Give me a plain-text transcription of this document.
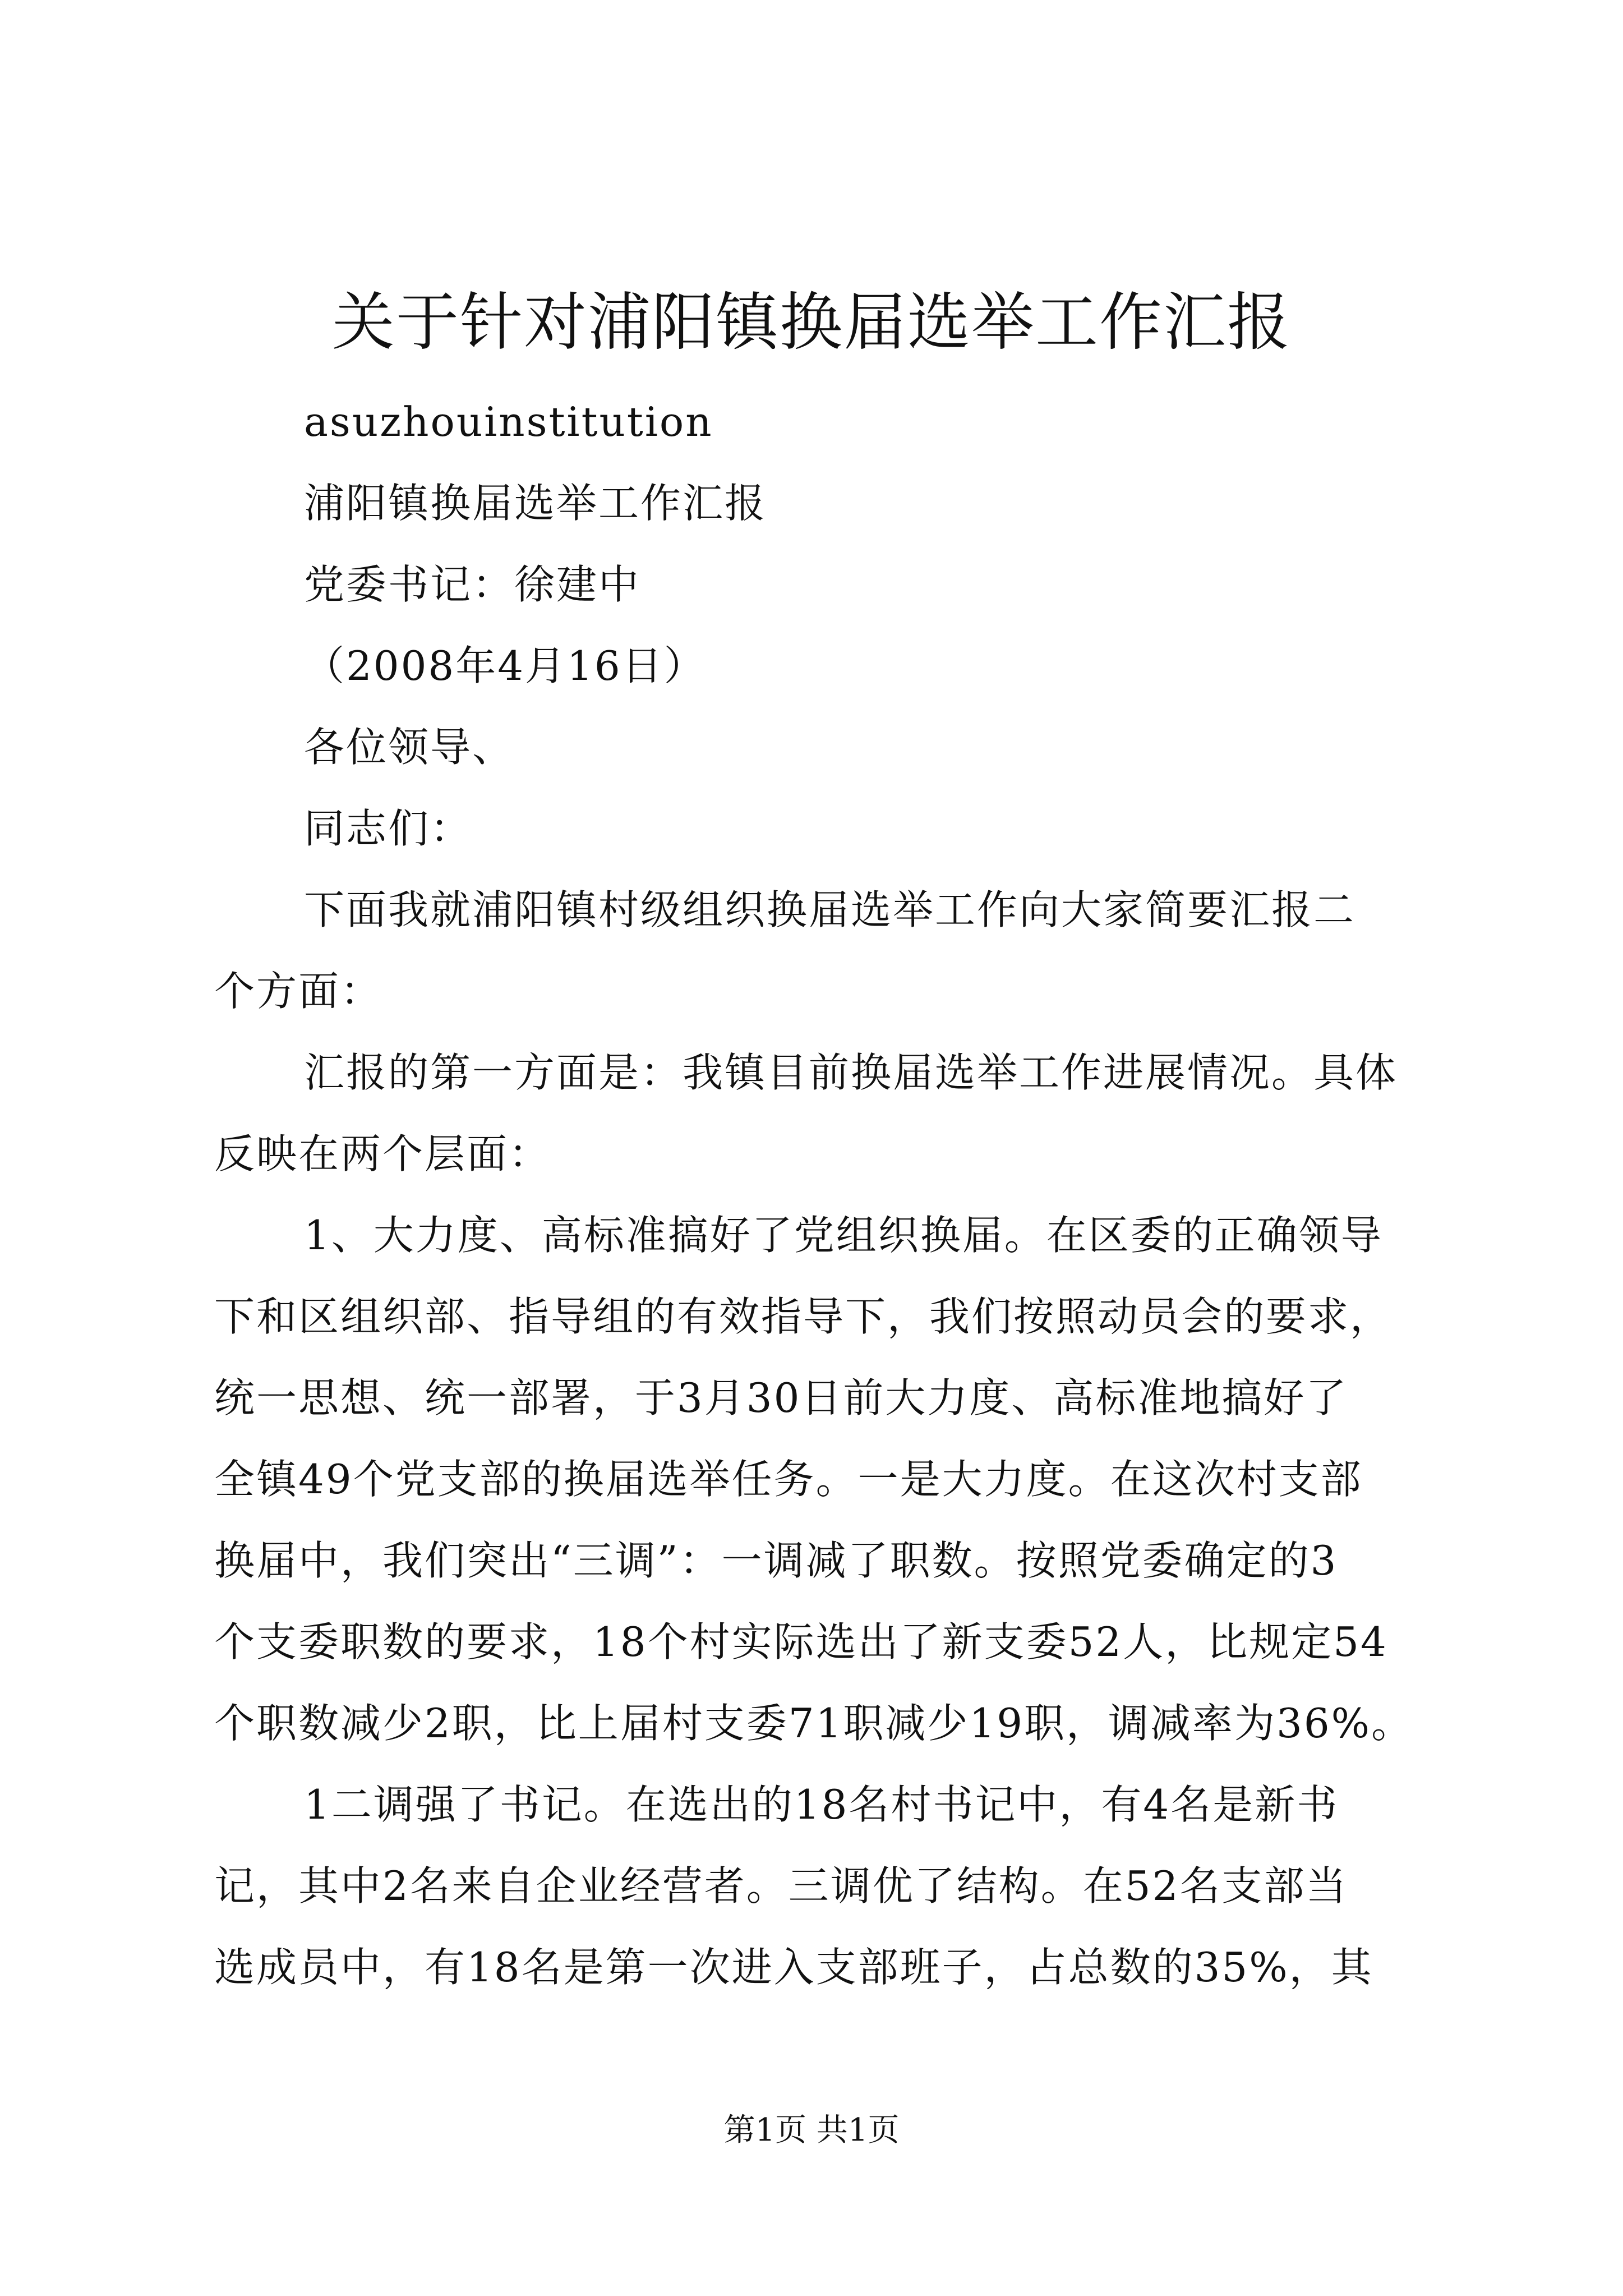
关于针对浦阳镇换届选举工作汇报

asuzhouinstitution

浦阳镇换届选举工作汇报

党委书记：徐建中

（2008年4月16日）

各位领导、

同志们：

下面我就浦阳镇村级组织换届选举工作向大家简要汇报二

个方面：

汇报的第一方面是：我镇目前换届选举工作进展情况。具体

反映在两个层面：

1、大力度、高标准搞好了党组织换届。在区委的正确领导

下和区组织部、指导组的有效指导下，我们按照动员会的要求，

统一思想、统一部署，于3月30日前大力度、高标准地搞好了

全镇49个党支部的换届选举任务。一是大力度。在这次村支部

换届中，我们突出“三调”：一调减了职数。按照党委确定的3

个支委职数的要求，18个村实际选出了新支委52人，比规定54

个职数减少2职，比上届村支委71职减少19职，调减率为36%。

1二调强了书记。在选出的18名村书记中，有4名是新书

记，其中2名来自企业经营者。三调优了结构。在52名支部当

选成员中，有18名是第一次进入支部班子，占总数的35%，其

第1页 共1页
